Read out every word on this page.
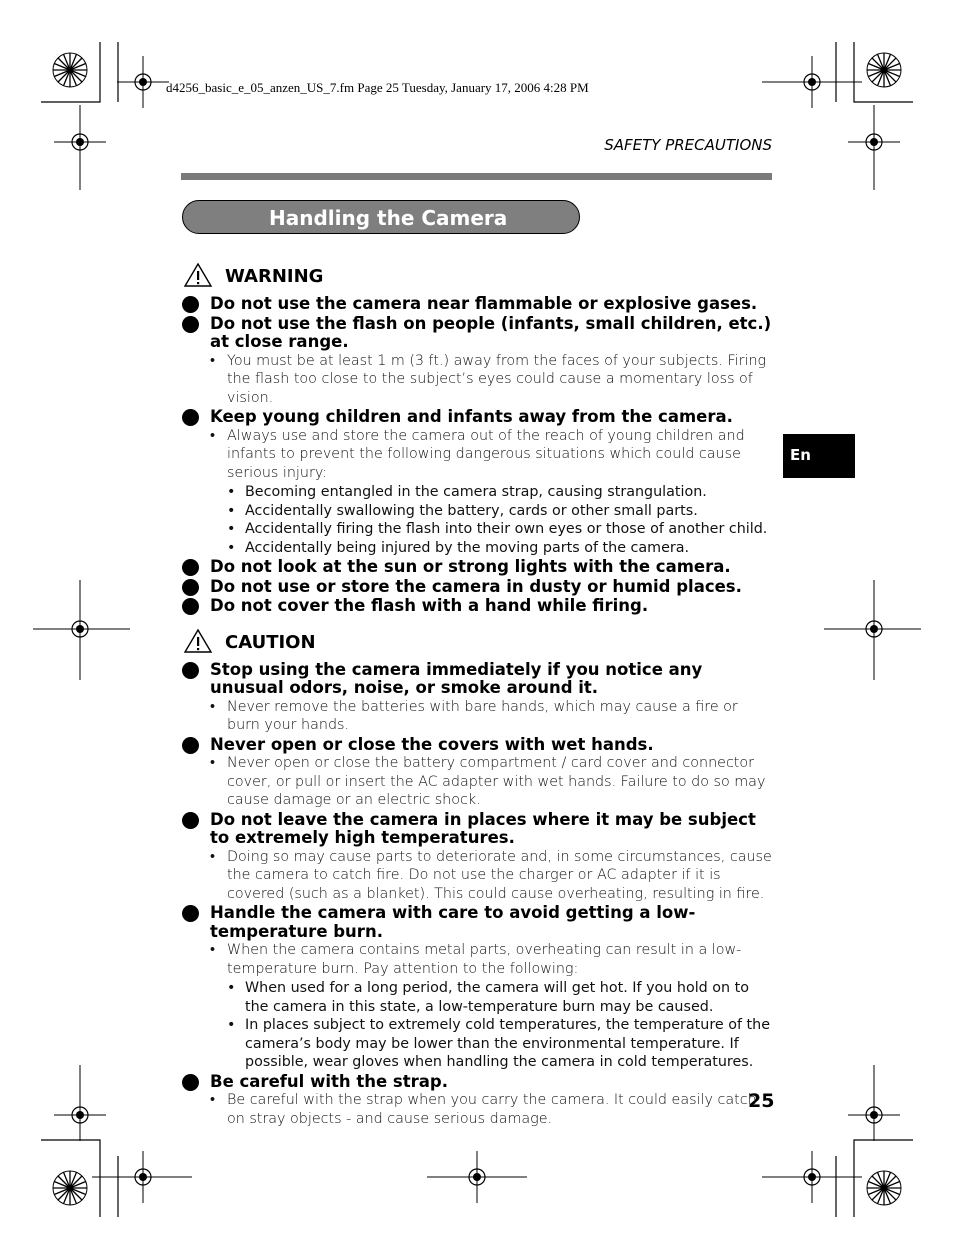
d4256_basic_e_05_anzen_US_7.fm Page 25 Tuesday, January 17, 2006 4:28 PM
SAFETY PRECAUTIONS
Handling the Camera
En
25
WARNING
Do not use the camera near flammable or explosive gases.
Do not use the flash on people (infants, small children, etc.) at close range.
• You must be at least 1 m (3 ft.) away from the faces of your subjects. Firing the flash too close to the subject’s eyes could cause a momentary loss of vision.
Keep young children and infants away from the camera.
• Always use and store the camera out of the reach of young children and infants to prevent the following dangerous situations which could cause serious injury:
• Becoming entangled in the camera strap, causing strangulation.
• Accidentally swallowing the battery, cards or other small parts.
• Accidentally firing the flash into their own eyes or those of another child.
• Accidentally being injured by the moving parts of the camera.
Do not look at the sun or strong lights with the camera.
Do not use or store the camera in dusty or humid places.
Do not cover the flash with a hand while firing.
CAUTION
Stop using the camera immediately if you notice any unusual odors, noise, or smoke around it.
• Never remove the batteries with bare hands, which may cause a fire or burn your hands.
Never open or close the covers with wet hands.
• Never open or close the battery compartment / card cover and connector cover, or pull or insert the AC adapter with wet hands. Failure to do so may cause damage or an electric shock.
Do not leave the camera in places where it may be subject to extremely high temperatures.
• Doing so may cause parts to deteriorate and, in some circumstances, cause the camera to catch fire. Do not use the charger or AC adapter if it is covered (such as a blanket). This could cause overheating, resulting in fire.
Handle the camera with care to avoid getting a low-temperature burn.
• When the camera contains metal parts, overheating can result in a low-temperature burn. Pay attention to the following:
• When used for a long period, the camera will get hot. If you hold on to the camera in this state, a low-temperature burn may be caused.
• In places subject to extremely cold temperatures, the temperature of the camera’s body may be lower than the environmental temperature. If possible, wear gloves when handling the camera in cold temperatures.
Be careful with the strap.
• Be careful with the strap when you carry the camera. It could easily catch on stray objects - and cause serious damage.
